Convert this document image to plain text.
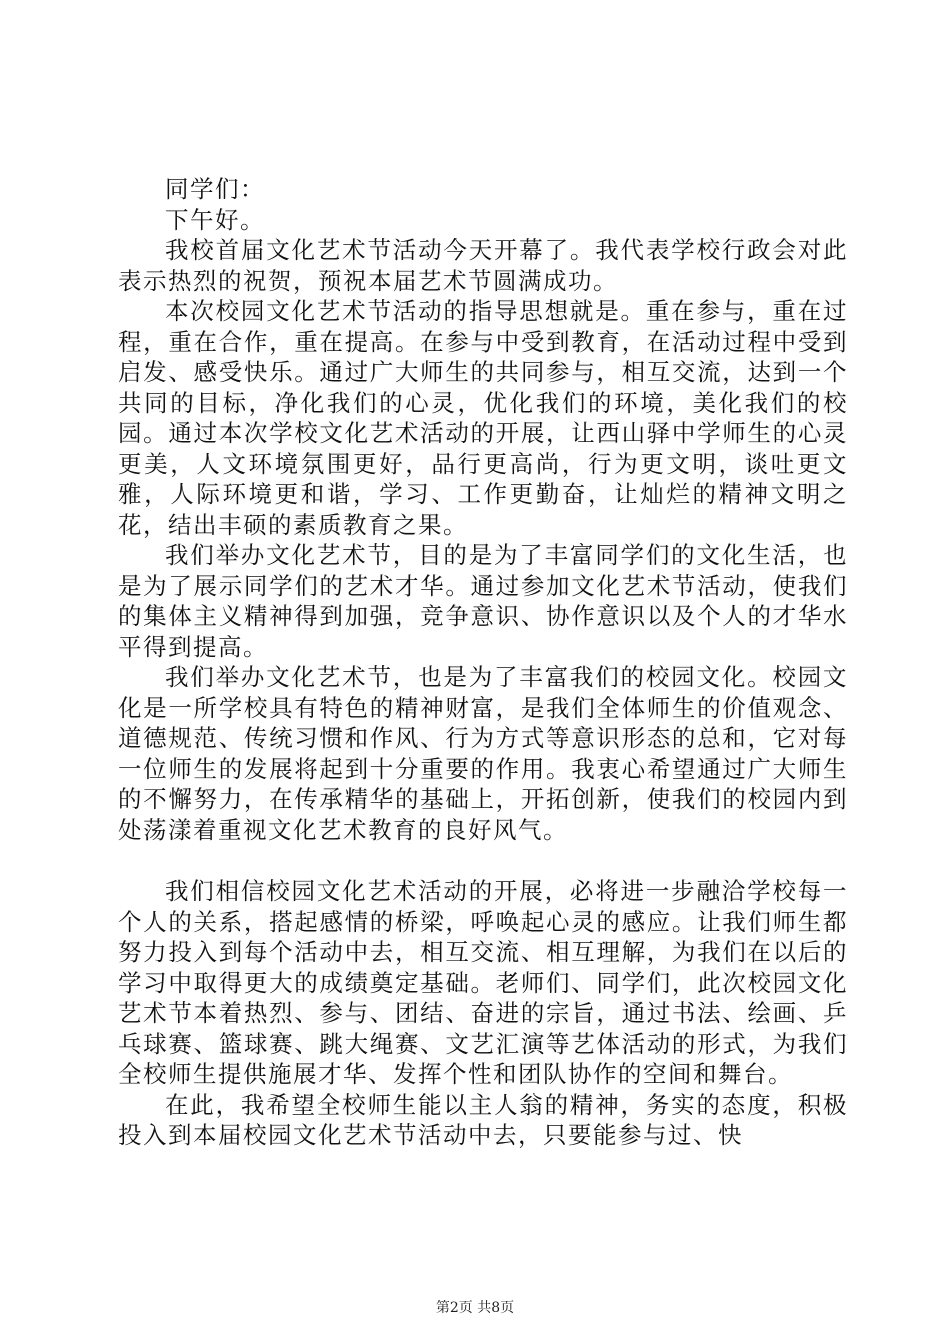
同学们：

下午好。

我校首届文化艺术节活动今天开幕了。我代表学校行政会对此表示热烈的祝贺，预祝本届艺术节圆满成功。

本次校园文化艺术节活动的指导思想就是。重在参与，重在过程，重在合作，重在提高。在参与中受到教育，在活动过程中受到启发、感受快乐。通过广大师生的共同参与，相互交流，达到一个共同的目标，净化我们的心灵，优化我们的环境，美化我们的校园。通过本次学校文化艺术活动的开展，让西山驿中学师生的心灵更美，人文环境氛围更好，品行更高尚，行为更文明，谈吐更文雅，人际环境更和谐，学习、工作更勤奋，让灿烂的精神文明之花，结出丰硕的素质教育之果。

我们举办文化艺术节，目的是为了丰富同学们的文化生活，也是为了展示同学们的艺术才华。通过参加文化艺术节活动，使我们的集体主义精神得到加强，竞争意识、协作意识以及个人的才华水平得到提高。

我们举办文化艺术节，也是为了丰富我们的校园文化。校园文化是一所学校具有特色的精神财富，是我们全体师生的价值观念、道德规范、传统习惯和作风、行为方式等意识形态的总和，它对每一位师生的发展将起到十分重要的作用。我衷心希望通过广大师生的不懈努力，在传承精华的基础上，开拓创新，使我们的校园内到处荡漾着重视文化艺术教育的良好风气。

我们相信校园文化艺术活动的开展，必将进一步融洽学校每一个人的关系，搭起感情的桥梁，呼唤起心灵的感应。让我们师生都努力投入到每个活动中去，相互交流、相互理解，为我们在以后的学习中取得更大的成绩奠定基础。老师们、同学们，此次校园文化艺术节本着热烈、参与、团结、奋进的宗旨，通过书法、绘画、乒乓球赛、篮球赛、跳大绳赛、文艺汇演等艺体活动的形式，为我们全校师生提供施展才华、发挥个性和团队协作的空间和舞台。

在此，我希望全校师生能以主人翁的精神，务实的态度，积极投入到本届校园文化艺术节活动中去，只要能参与过、快

第2页 共8页
